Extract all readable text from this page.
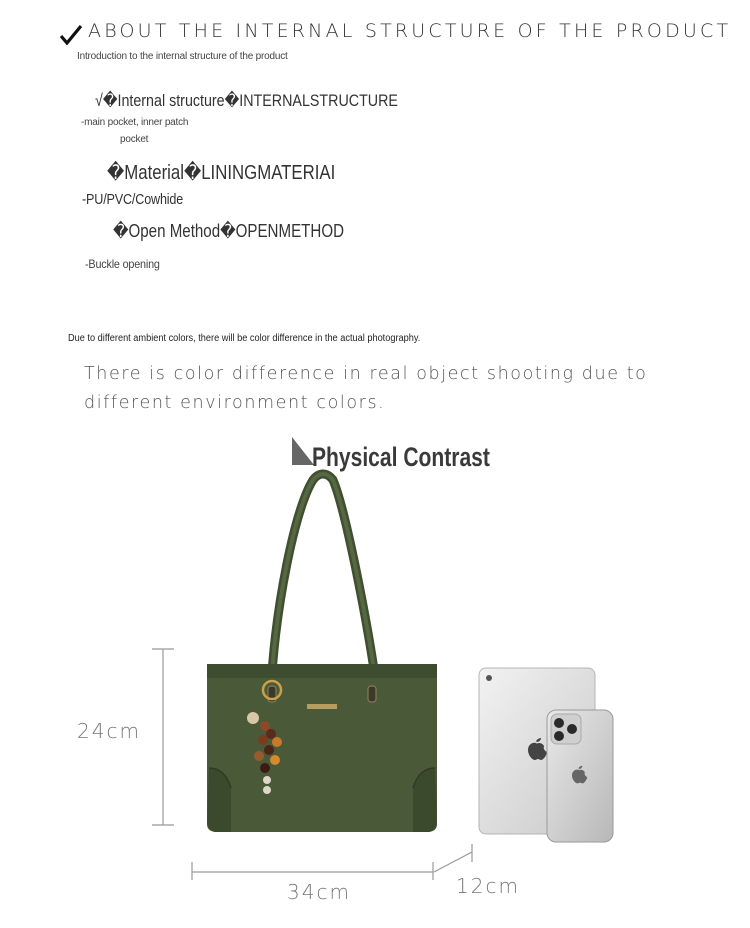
ABOUT THE INTERNAL STRUCTURE OF THE PRODUCT
Introduction to the internal structure of the product
√�Internal structure�INTERNALSTRUCTURE
-main pocket, inner patch
pocket
�Material�LININGMATERIAI
-PU/PVC/Cowhide
�Open Method�OPENMETHOD
-Buckle opening
Due to different ambient colors, there will be color difference in the actual photography.
There is color difference in real object shooting due to different environment colors.
Physical Contrast
24cm
34cm	12cm
